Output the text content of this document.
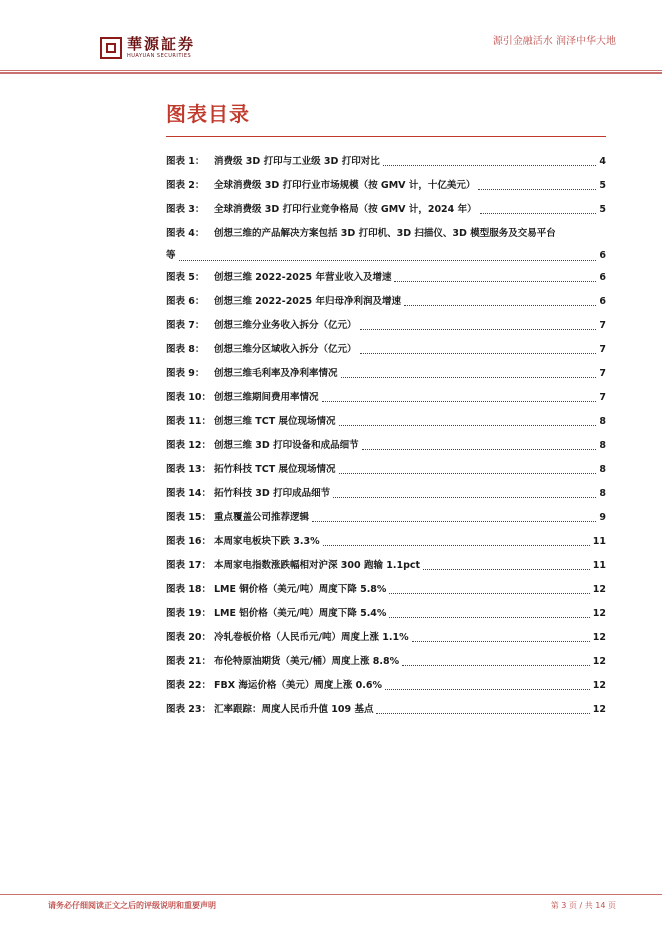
華源証券
HUAYUAN SECURITIES
源引金融活水 润泽中华大地
图表目录
图表 1：	消费级 3D 打印与工业级 3D 打印对比	4
图表 2：	全球消费级 3D 打印行业市场规模（按 GMV 计，十亿美元）	5
图表 3：	全球消费级 3D 打印行业竞争格局（按 GMV 计，2024 年）	5
图表 4：	创想三维的产品解决方案包括 3D 打印机、3D 扫描仪、3D 模型服务及交易平台
等	6
图表 5：	创想三维 2022-2025 年营业收入及增速	6
图表 6：	创想三维 2022-2025 年归母净利润及增速	6
图表 7：	创想三维分业务收入拆分（亿元）	7
图表 8：	创想三维分区域收入拆分（亿元）	7
图表 9：	创想三维毛利率及净利率情况	7
图表 10： 创想三维期间费用率情况	7
图表 11： 创想三维 TCT 展位现场情况	8
图表 12： 创想三维 3D 打印设备和成品细节	8
图表 13： 拓竹科技 TCT 展位现场情况	8
图表 14： 拓竹科技 3D 打印成品细节	8
图表 15： 重点覆盖公司推荐逻辑	9
图表 16： 本周家电板块下跌 3.3%	11
图表 17： 本周家电指数涨跌幅相对沪深 300 跑输 1.1pct	11
图表 18： LME 铜价格（美元/吨）周度下降 5.8%	12
图表 19： LME 铝价格（美元/吨）周度下降 5.4%	12
图表 20： 冷轧卷板价格（人民币元/吨）周度上涨 1.1%	12
图表 21： 布伦特原油期货（美元/桶）周度上涨 8.8%	12
图表 22： FBX 海运价格（美元）周度上涨 0.6%	12
图表 23： 汇率跟踪：周度人民币升值 109 基点	12
请务必仔细阅读正文之后的评级说明和重要声明	第 3 页 / 共 14 页
